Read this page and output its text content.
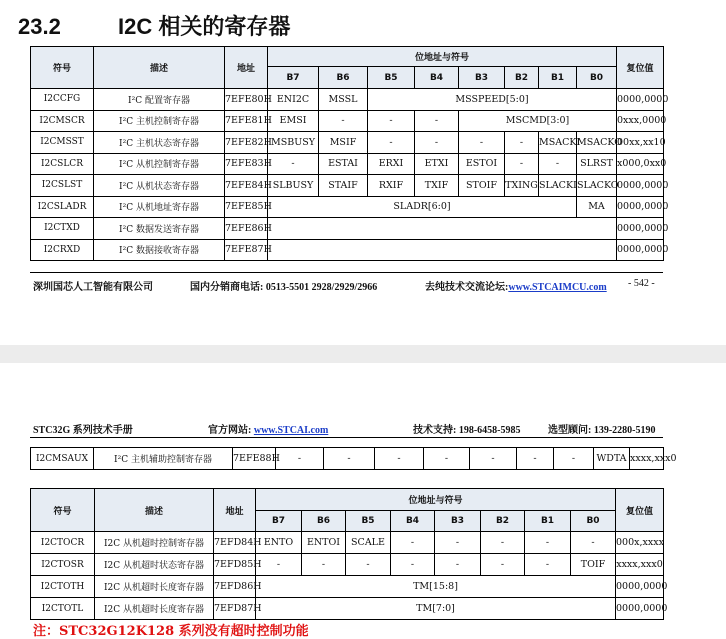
23.2	I2C 相关的寄存器
符号	描述	地址	位地址与符号								复位值
			B7	B6	B5	B4	B3	B2	B1	B0	
I2CCFG	I²C 配置寄存器	7EFE80H	ENI2C	MSSL	MSSPEED[5:0]						0000,0000
I2CMSCR	I²C 主机控制寄存器	7EFE81H	EMSI	-	-	-	MSCMD[3:0]				0xxx,0000
I2CMSST	I²C 主机状态寄存器	7EFE82H	MSBUSY	MSIF	-	-	-	-	MSACKI	MSACKO	00xx,xx10
I2CSLCR	I²C 从机控制寄存器	7EFE83H	-	ESTAI	ERXI	ETXI	ESTOI	-	-	SLRST	x000,0xx0
I2CSLST	I²C 从机状态寄存器	7EFE84H	SLBUSY	STAIF	RXIF	TXIF	STOIF	TXING	SLACKI	SLACKO	0000,0000
I2CSLADR	I²C 从机地址寄存器	7EFE85H	SLADR[6:0]							MA	0000,0000
I2CTXD	I²C 数据发送寄存器	7EFE86H									0000,0000
I2CRXD	I²C 数据接收寄存器	7EFE87H									0000,0000
深圳国芯人工智能有限公司	国内分销商电话: 0513-5501 2928/2929/2966	去纯技术交流论坛:www.STCAIMCU.com - 542 -
STC32G 系列技术手册	官方网站: www.STCAI.com	技术支持: 198-6458-5985	选型顾问: 139-2280-5190
I2CMSAUX	I²C 主机辅助控制寄存器	7EFE88H	-	-	-	-	-	-	-	WDTA	xxxx,xxx0
符号	描述	地址	位地址与符号								复位值
			B7	B6	B5	B4	B3	B2	B1	B0	
I2CTOCR	I2C 从机超时控制寄存器	7EFD84H	ENTO	ENTOI	SCALE	-	-	-	-	-	000x,xxxx
I2CTOSR	I2C 从机超时状态寄存器	7EFD85H	-	-	-	-	-	-	-	TOIF	xxxx,xxx0
I2CTOTH	I2C 从机超时长度寄存器	7EFD86H	TM[15:8]								0000,0000
I2CTOTL	I2C 从机超时长度寄存器	7EFD87H	TM[7:0]								0000,0000
注：STC32G12K128 系列没有超时控制功能
